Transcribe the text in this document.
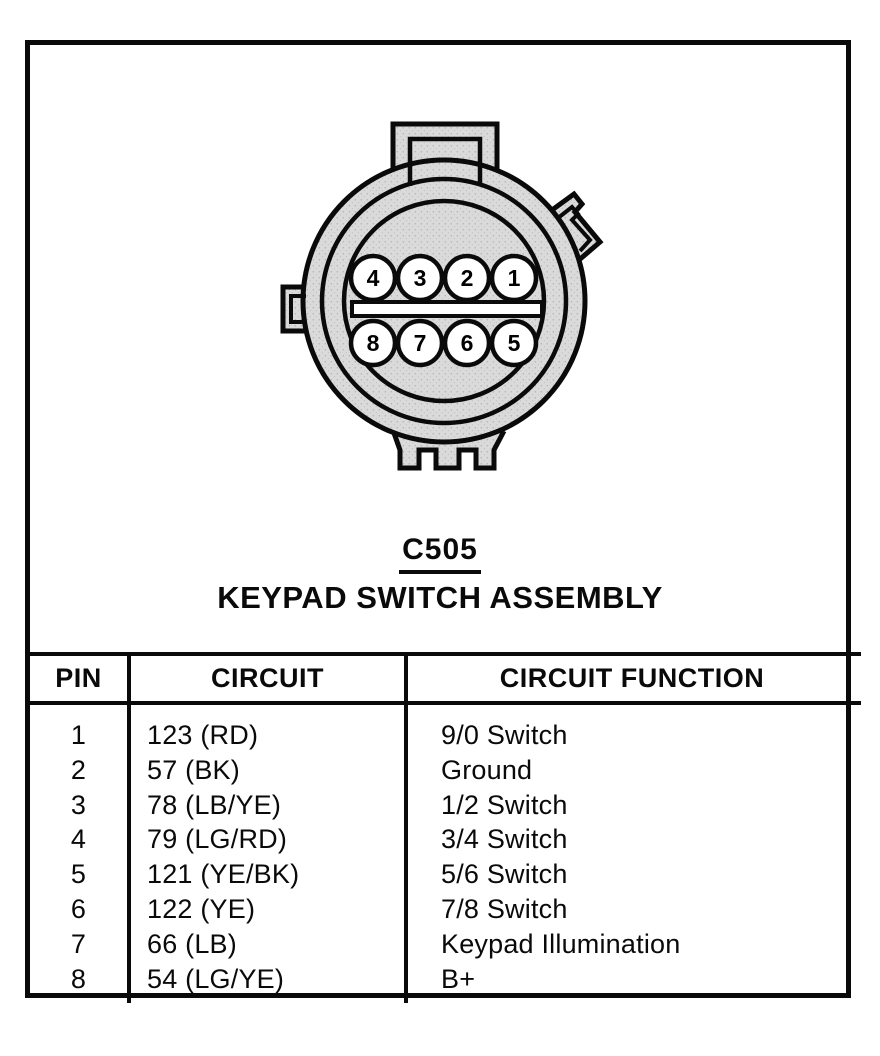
4 3 2 1
8 7 6 5
C505
KEYPAD SWITCH ASSEMBLY
PIN	CIRCUIT	CIRCUIT FUNCTION
1
2
3
4
5
6
7
8
123 (RD)
57 (BK)
78 (LB/YE)
79 (LG/RD)
121 (YE/BK)
122 (YE)
66 (LB)
54 (LG/YE)
9/0 Switch
Ground
1/2 Switch
3/4 Switch
5/6 Switch
7/8 Switch
Keypad Illumination
B+
